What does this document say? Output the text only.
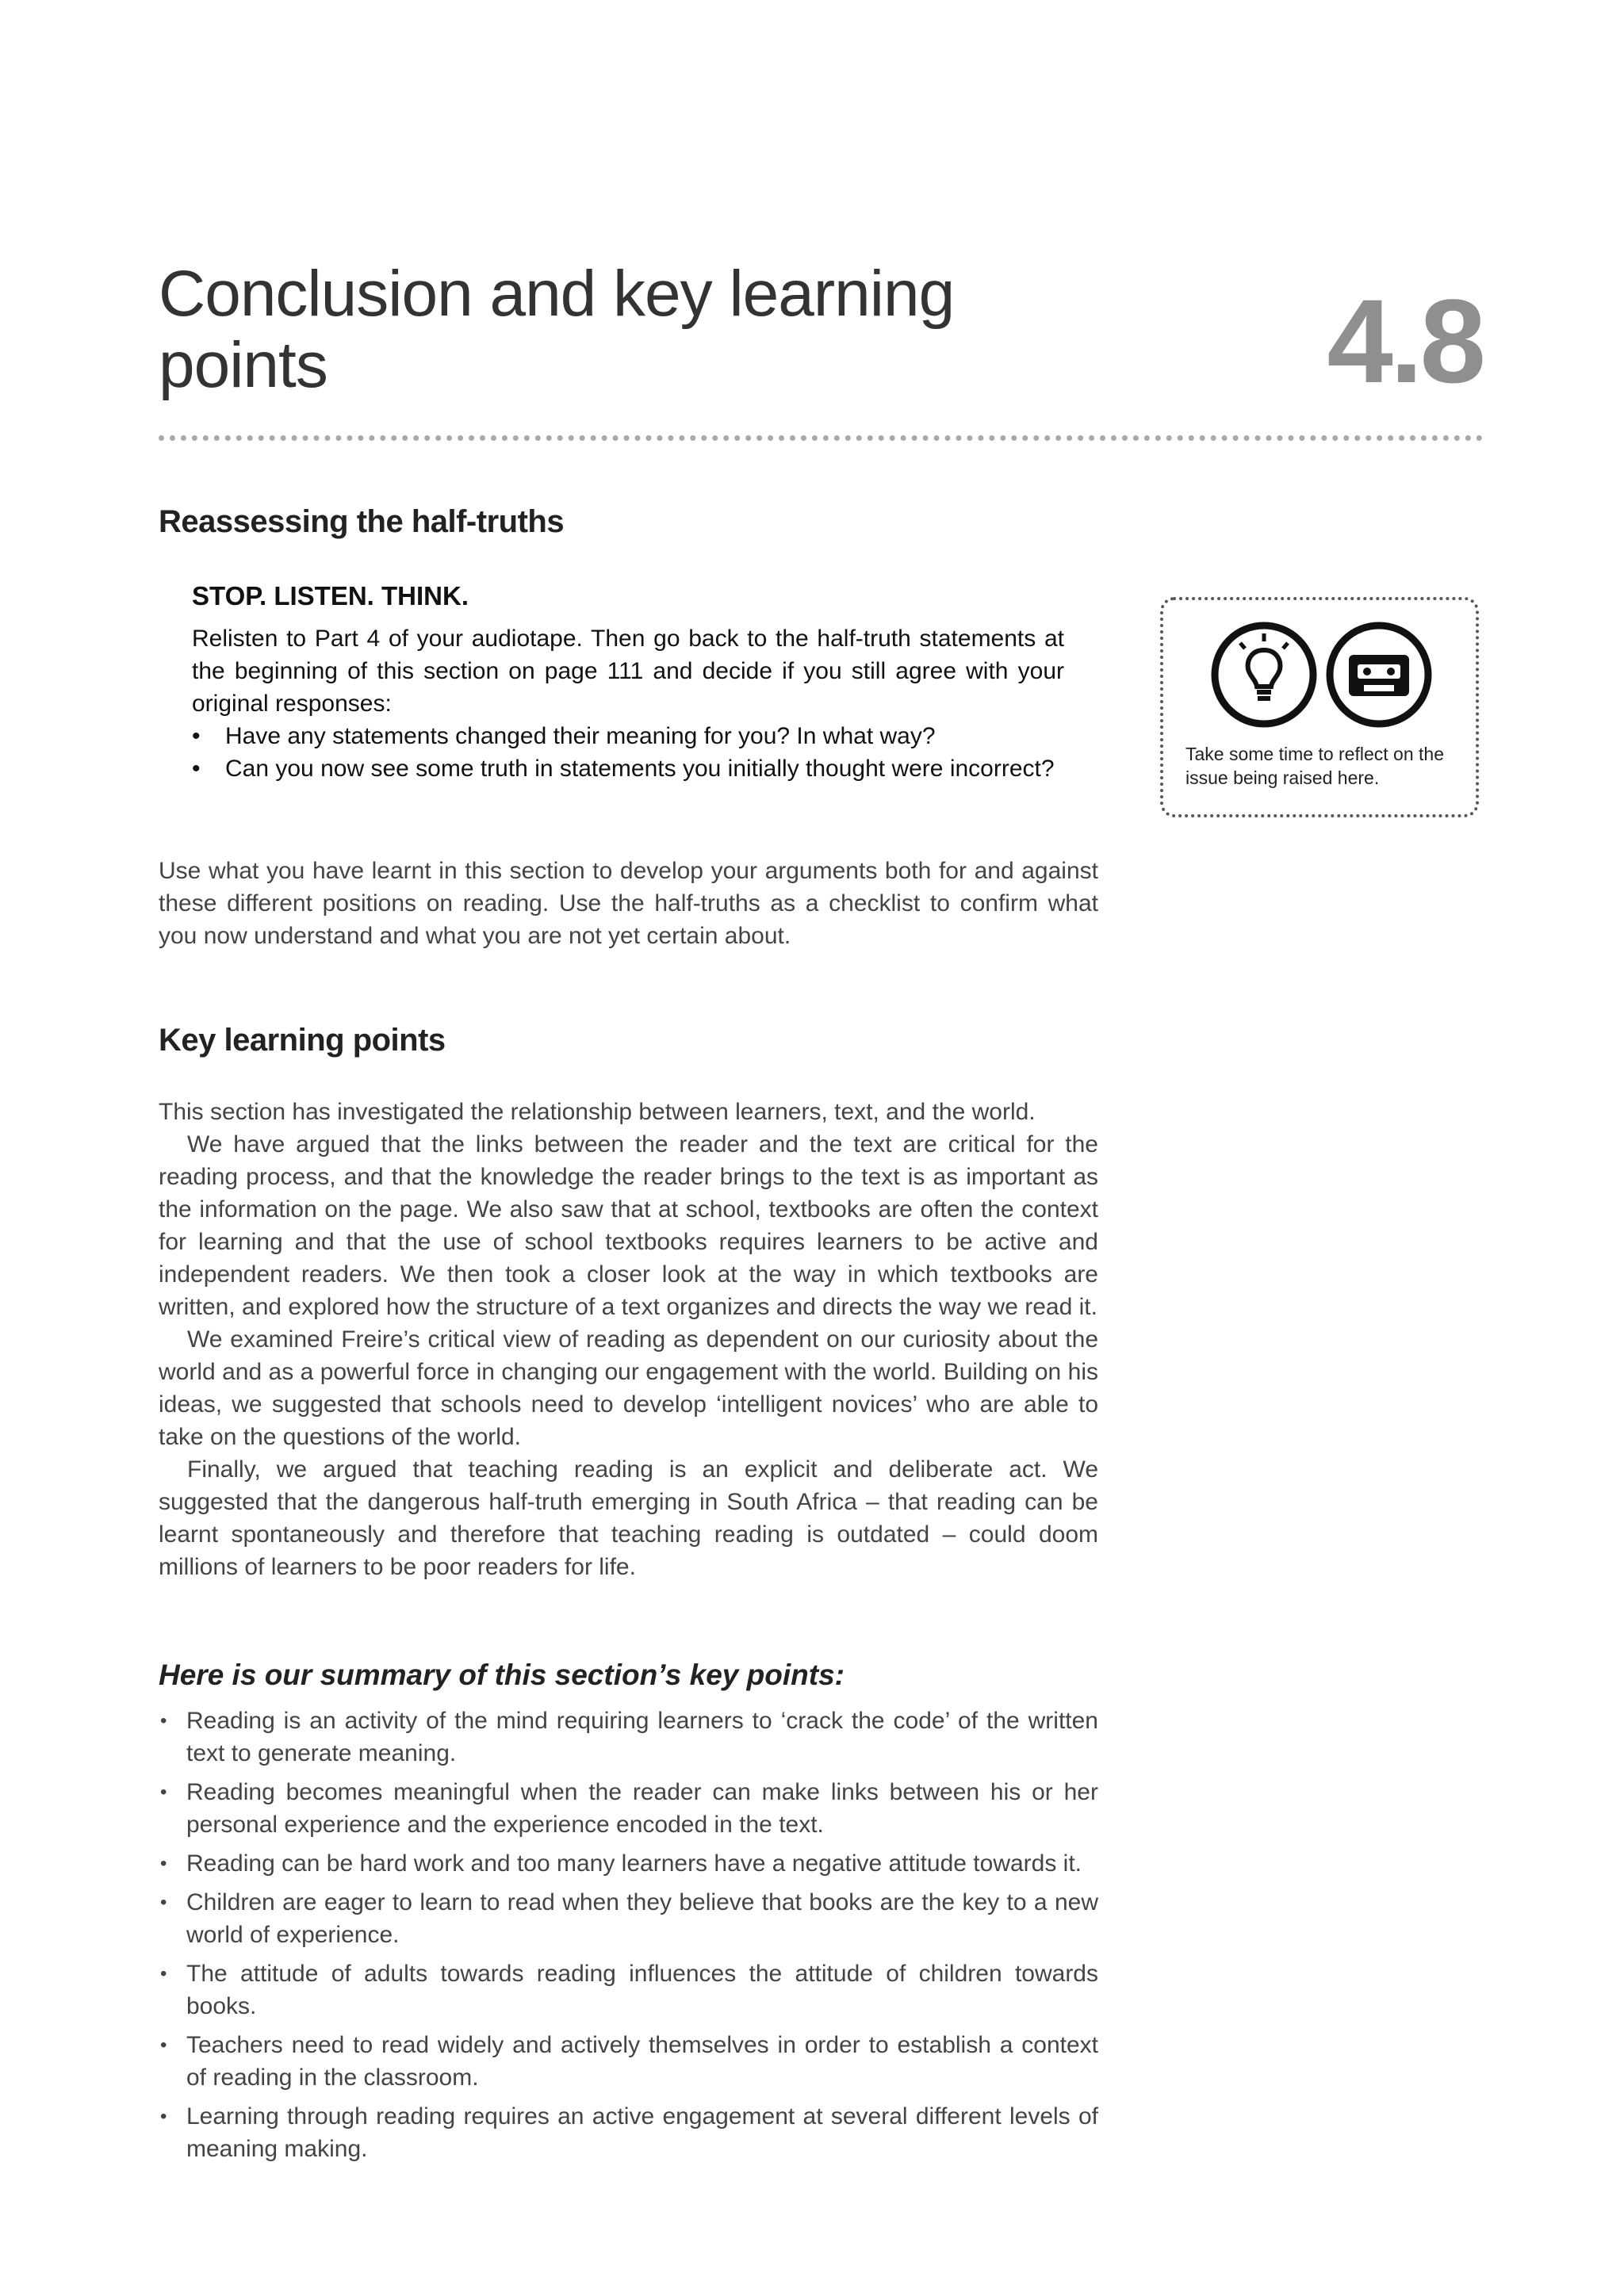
Conclusion and key learning
points	4.8
Reassessing the half-truths

STOP. LISTEN. THINK.

Relisten to Part 4 of your audiotape. Then go back to the half-truth statements at the beginning of this section on page 111 and decide if you still agree with your original responses:

• Have any statements changed their meaning for you? In what way?
• Can you now see some truth in statements you initially thought were incorrect?
Take some time to reflect on the issue being raised here.

Use what you have learnt in this section to develop your arguments both for and against these different positions on reading. Use the half-truths as a checklist to confirm what you now understand and what you are not yet certain about.

Key learning points

This section has investigated the relationship between learners, text, and the world.

We have argued that the links between the reader and the text are critical for the reading process, and that the knowledge the reader brings to the text is as important as the information on the page. We also saw that at school, textbooks are often the context for learning and that the use of school textbooks requires learners to be active and independent readers. We then took a closer look at the way in which textbooks are written, and explored how the structure of a text organizes and directs the way we read it.

We examined Freire’s critical view of reading as dependent on our curiosity about the world and as a powerful force in changing our engagement with the world. Building on his ideas, we suggested that schools need to develop ‘intelligent novices’ who are able to take on the questions of the world.

Finally, we argued that teaching reading is an explicit and deliberate act. We suggested that the dangerous half-truth emerging in South Africa – that reading can be learnt spontaneously and therefore that teaching reading is outdated – could doom millions of learners to be poor readers for life.

Here is our summary of this section’s key points:
• Reading is an activity of the mind requiring learners to ‘crack the code’ of the written text to generate meaning.
• Reading becomes meaningful when the reader can make links between his or her personal experience and the experience encoded in the text.
• Reading can be hard work and too many learners have a negative attitude towards it.
• Children are eager to learn to read when they believe that books are the key to a new world of experience.
• The attitude of adults towards reading influences the attitude of children towards books.
• Teachers need to read widely and actively themselves in order to establish a context of reading in the classroom.
• Learning through reading requires an active engagement at several different levels of meaning making.
